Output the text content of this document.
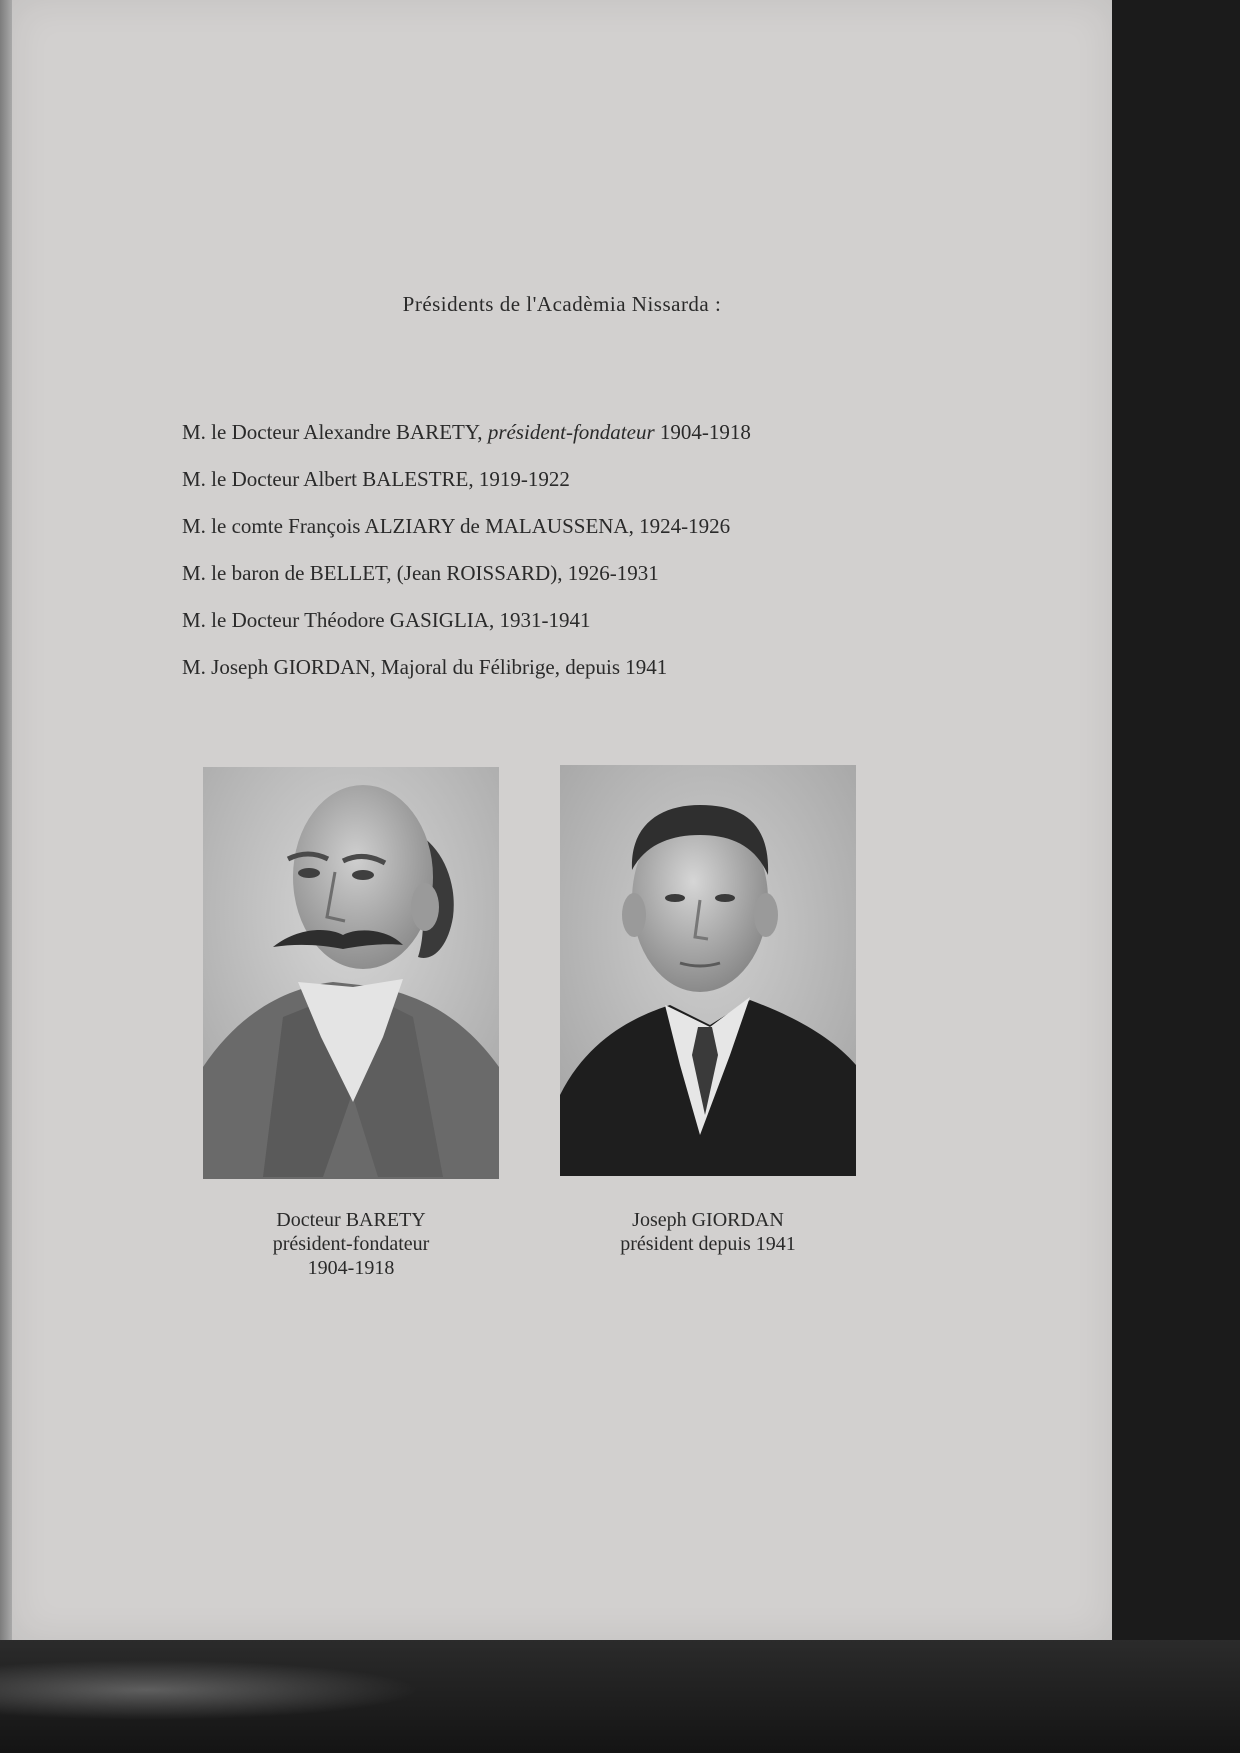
Présidents de l'Acadèmia Nissarda :
M. le Docteur Alexandre BARETY, président-fondateur 1904-1918
M. le Docteur Albert BALESTRE, 1919-1922
M. le comte François ALZIARY de MALAUSSENA, 1924-1926
M. le baron de BELLET, (Jean ROISSARD), 1926-1931
M. le Docteur Théodore GASIGLIA, 1931-1941
M. Joseph GIORDAN, Majoral du Félibrige, depuis 1941
Docteur BARETY
président-fondateur
1904-1918
Joseph GIORDAN
président depuis 1941
